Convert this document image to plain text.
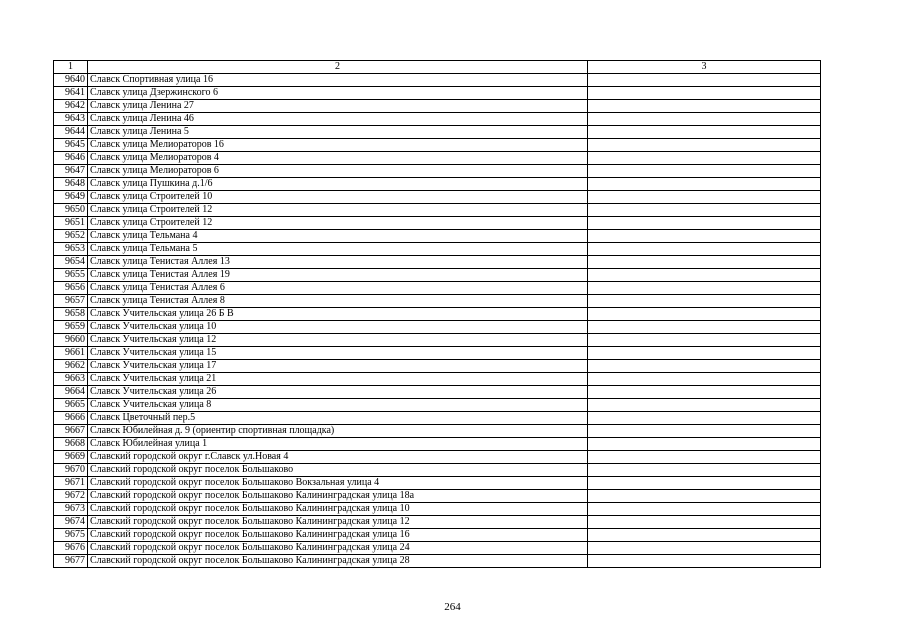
1	2	3
9640	Славск Спортивная улица 16	
9641	Славск улица Дзержинского 6	
9642	Славск улица Ленина 27	
9643	Славск улица Ленина 46	
9644	Славск улица Ленина 5	
9645	Славск улица Мелиораторов 16	
9646	Славск улица Мелиораторов 4	
9647	Славск улица Мелиораторов 6	
9648	Славск улица Пушкина д.1/6	
9649	Славск улица Строителей 10	
9650	Славск улица Строителей 12	
9651	Славск улица Строителей 12	
9652	Славск улица Тельмана 4	
9653	Славск улица Тельмана 5	
9654	Славск улица Тенистая Аллея 13	
9655	Славск улица Тенистая Аллея 19	
9656	Славск улица Тенистая Аллея 6	
9657	Славск улица Тенистая Аллея 8	
9658	Славск Учительская улица 26 Б В	
9659	Славск Учительская улица 10	
9660	Славск Учительская улица 12	
9661	Славск Учительская улица 15	
9662	Славск Учительская улица 17	
9663	Славск Учительская улица 21	
9664	Славск Учительская улица 26	
9665	Славск Учительская улица 8	
9666	Славск Цветочный пер.5	
9667	Славск Юбилейная д. 9 (ориентир спортивная площадка)	
9668	Славск Юбилейная улица 1	
9669	Славский городской округ г.Славск ул.Новая 4	
9670	Славский городской округ поселок Большаково	
9671	Славский городской округ поселок Большаково Вокзальная улица 4	
9672	Славский городской округ поселок Большаково Калининградская улица 18а	
9673	Славский городской округ поселок Большаково Калининградская улица 10	
9674	Славский городской округ поселок Большаково Калининградская улица 12	
9675	Славский городской округ поселок Большаково Калининградская улица 16	
9676	Славский городской округ поселок Большаково Калининградская улица 24	
9677	Славский городской округ поселок Большаково Калининградская улица 28	
264
